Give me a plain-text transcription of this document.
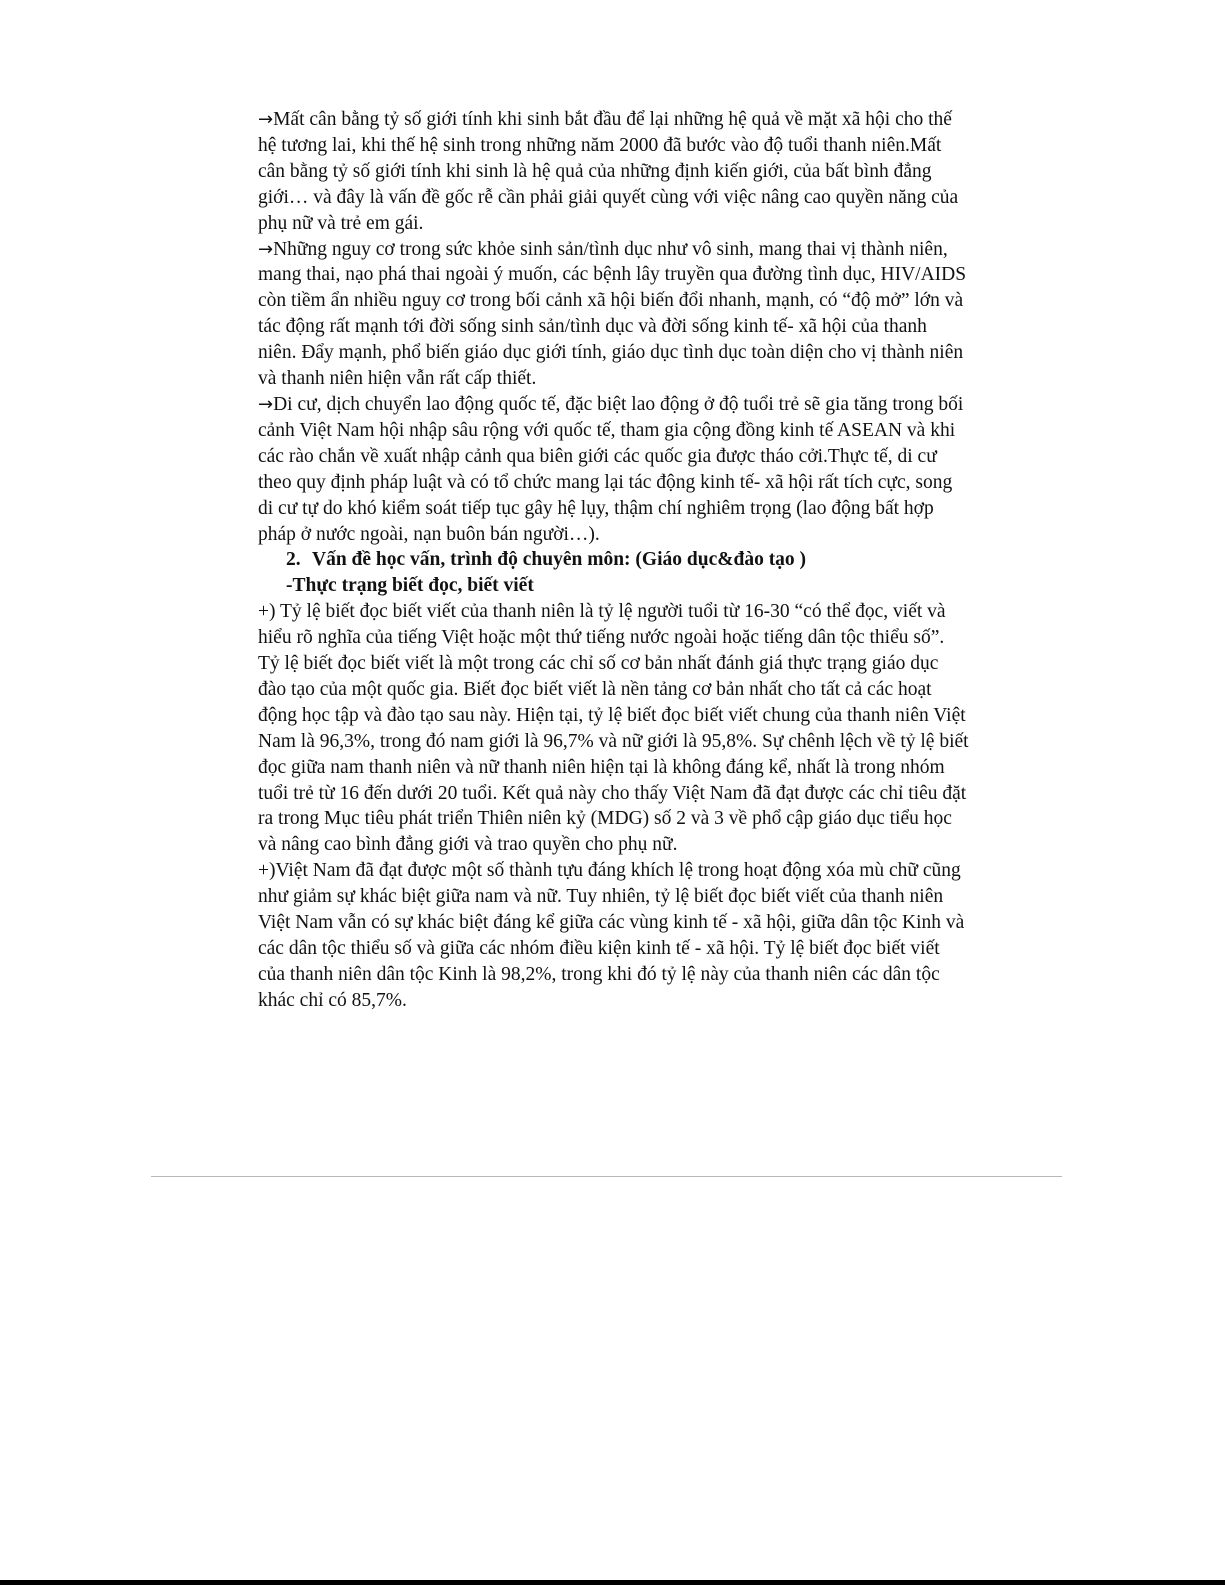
→Mất cân bằng tỷ số giới tính khi sinh bắt đầu để lại những hệ quả về mặt xã hội cho thế hệ tương lai, khi thế hệ sinh trong những năm 2000 đã bước vào độ tuổi thanh niên.Mất cân bằng tỷ số giới tính khi sinh là hệ quả của những định kiến giới, của bất bình đẳng giới… và đây là vấn đề gốc rễ cần phải giải quyết cùng với việc nâng cao quyền năng của phụ nữ và trẻ em gái.

→Những nguy cơ trong sức khỏe sinh sản/tình dục như vô sinh, mang thai vị thành niên, mang thai, nạo phá thai ngoài ý muốn, các bệnh lây truyền qua đường tình dục, HIV/AIDS còn tiềm ẩn nhiều nguy cơ trong bối cảnh xã hội biến đổi nhanh, mạnh, có “độ mở” lớn và tác động rất mạnh tới đời sống sinh sản/tình dục và đời sống kinh tế- xã hội của thanh niên. Đẩy mạnh, phổ biến giáo dục giới tính, giáo dục tình dục toàn diện cho vị thành niên và thanh niên hiện vẫn rất cấp thiết.

→Di cư, dịch chuyển lao động quốc tế, đặc biệt lao động ở độ tuổi trẻ sẽ gia tăng trong bối cảnh Việt Nam hội nhập sâu rộng với quốc tế, tham gia cộng đồng kinh tế ASEAN và khi các rào chắn về xuất nhập cảnh qua biên giới các quốc gia được tháo cởi.Thực tế, di cư theo quy định pháp luật và có tổ chức mang lại tác động kinh tế- xã hội rất tích cực, song di cư tự do khó kiểm soát tiếp tục gây hệ lụy, thậm chí nghiêm trọng (lao động bất hợp pháp ở nước ngoài, nạn buôn bán người…).

2. Vấn đề học vấn, trình độ chuyên môn: (Giáo dục&đào tạo )

-Thực trạng biết đọc, biết viết

+) Tỷ lệ biết đọc biết viết của thanh niên là tỷ lệ người tuổi từ 16-30 “có thể đọc, viết và hiểu rõ nghĩa của tiếng Việt hoặc một thứ tiếng nước ngoài hoặc tiếng dân tộc thiểu số”. Tỷ lệ biết đọc biết viết là một trong các chỉ số cơ bản nhất đánh giá thực trạng giáo dục đào tạo của một quốc gia. Biết đọc biết viết là nền tảng cơ bản nhất cho tất cả các hoạt động học tập và đào tạo sau này. Hiện tại, tỷ lệ biết đọc biết viết chung của thanh niên Việt Nam là 96,3%, trong đó nam giới là 96,7% và nữ giới là 95,8%. Sự chênh lệch về tỷ lệ biết đọc giữa nam thanh niên và nữ thanh niên hiện tại là không đáng kể, nhất là trong nhóm tuổi trẻ từ 16 đến dưới 20 tuổi. Kết quả này cho thấy Việt Nam đã đạt được các chỉ tiêu đặt ra trong Mục tiêu phát triển Thiên niên kỷ (MDG) số 2 và 3 về phổ cập giáo dục tiểu học và nâng cao bình đẳng giới và trao quyền cho phụ nữ.

+)Việt Nam đã đạt được một số thành tựu đáng khích lệ trong hoạt động xóa mù chữ cũng như giảm sự khác biệt giữa nam và nữ. Tuy nhiên, tỷ lệ biết đọc biết viết của thanh niên Việt Nam vẫn có sự khác biệt đáng kể giữa các vùng kinh tế - xã hội, giữa dân tộc Kinh và các dân tộc thiểu số và giữa các nhóm điều kiện kinh tế - xã hội. Tỷ lệ biết đọc biết viết của thanh niên dân tộc Kinh là 98,2%, trong khi đó tỷ lệ này của thanh niên các dân tộc khác chỉ có 85,7%.
